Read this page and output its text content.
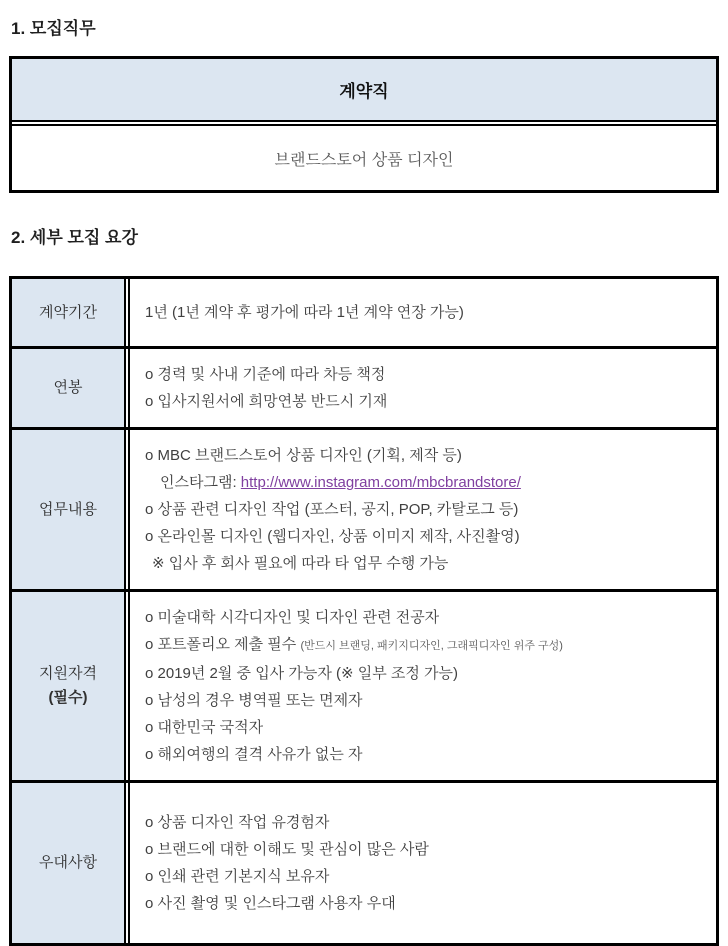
1. 모집직무
계약직
브랜드스토어 상품 디자인
2. 세부 모집 요강
계약기간	1년 (1년 계약 후 평가에 따라 1년 계약 연장 가능)
연봉
o 경력 및 사내 기준에 따라 차등 책정
o 입사지원서에 희망연봉 반드시 기재
업무내용
o MBC 브랜드스토어 상품 디자인 (기획, 제작 등)
인스타그램: http://www.instagram.com/mbcbrandstore/
o 상품 관련 디자인 작업 (포스터, 공지, POP, 카탈로그 등)
o 온라인몰 디자인 (웹디자인, 상품 이미지 제작, 사진촬영)
※ 입사 후 회사 필요에 따라 타 업무 수행 가능
지원자격
(필수)
o 미술대학 시각디자인 및 디자인 관련 전공자
o 포트폴리오 제출 필수 (반드시 브랜딩, 패키지디자인, 그래픽디자인 위주 구성)
o 2019년 2월 중 입사 가능자 (※ 일부 조정 가능)
o 남성의 경우 병역필 또는 면제자
o 대한민국 국적자
o 해외여행의 결격 사유가 없는 자
우대사항
o 상품 디자인 작업 유경험자
o 브랜드에 대한 이해도 및 관심이 많은 사람
o 인쇄 관련 기본지식 보유자
o 사진 촬영 및 인스타그램 사용자 우대
